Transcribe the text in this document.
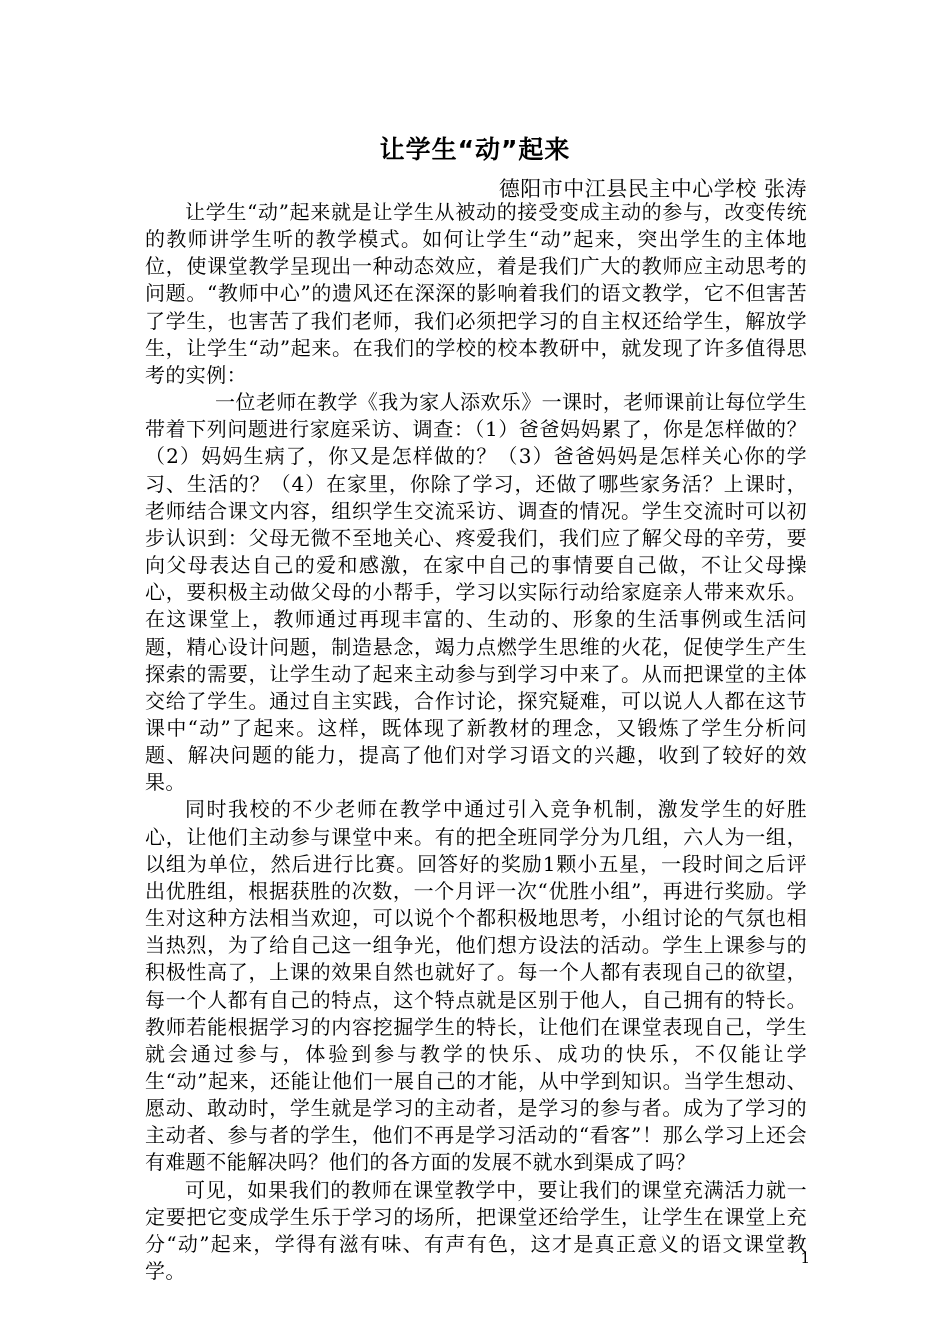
让学生“动”起来
德阳市中江县民主中心学校 张涛

让学生“动”起来就是让学生从被动的接受变成主动的参与，改变传统的教师讲学生听的教学模式。如何让学生“动”起来，突出学生的主体地位，使课堂教学呈现出一种动态效应，着是我们广大的教师应主动思考的问题。“教师中心”的遗风还在深深的影响着我们的语文教学，它不但害苦了学生，也害苦了我们老师，我们必须把学习的自主权还给学生，解放学生，让学生“动”起来。在我们的学校的校本教研中，就发现了许多值得思考的实例：

一位老师在教学《我为家人添欢乐》一课时，老师课前让每位学生带着下列问题进行家庭采访、调查：（1）爸爸妈妈累了，你是怎样做的？（2）妈妈生病了，你又是怎样做的？（3）爸爸妈妈是怎样关心你的学习、生活的？（4）在家里，你除了学习，还做了哪些家务活？上课时，老师结合课文内容，组织学生交流采访、调查的情况。学生交流时可以初步认识到：父母无微不至地关心、疼爱我们，我们应了解父母的辛劳，要向父母表达自己的爱和感激，在家中自己的事情要自己做，不让父母操心，要积极主动做父母的小帮手，学习以实际行动给家庭亲人带来欢乐。在这课堂上，教师通过再现丰富的、生动的、形象的生活事例或生活问题，精心设计问题，制造悬念，竭力点燃学生思维的火花，促使学生产生探索的需要，让学生动了起来主动参与到学习中来了。从而把课堂的主体交给了学生。通过自主实践，合作讨论，探究疑难，可以说人人都在这节课中“动”了起来。这样，既体现了新教材的理念，又锻炼了学生分析问题、解决问题的能力，提高了他们对学习语文的兴趣，收到了较好的效果。

同时我校的不少老师在教学中通过引入竞争机制，激发学生的好胜心，让他们主动参与课堂中来。有的把全班同学分为几组，六人为一组，以组为单位，然后进行比赛。回答好的奖励1颗小五星，一段时间之后评出优胜组，根据获胜的次数，一个月评一次“优胜小组”，再进行奖励。学生对这种方法相当欢迎，可以说个个都积极地思考，小组讨论的气氛也相当热烈，为了给自己这一组争光，他们想方设法的活动。学生上课参与的积极性高了，上课的效果自然也就好了。每一个人都有表现自己的欲望，每一个人都有自己的特点，这个特点就是区别于他人，自己拥有的特长。教师若能根据学习的内容挖掘学生的特长，让他们在课堂表现自己，学生就会通过参与，体验到参与教学的快乐、成功的快乐，不仅能让学生“动”起来，还能让他们一展自己的才能，从中学到知识。当学生想动、愿动、敢动时，学生就是学习的主动者，是学习的参与者。成为了学习的主动者、参与者的学生，他们不再是学习活动的“看客”！那么学习上还会有难题不能解决吗？他们的各方面的发展不就水到渠成了吗？

可见，如果我们的教师在课堂教学中，要让我们的课堂充满活力就一定要把它变成学生乐于学习的场所，把课堂还给学生，让学生在课堂上充分“动”起来，学得有滋有味、有声有色，这才是真正意义的语文课堂教学。

1
